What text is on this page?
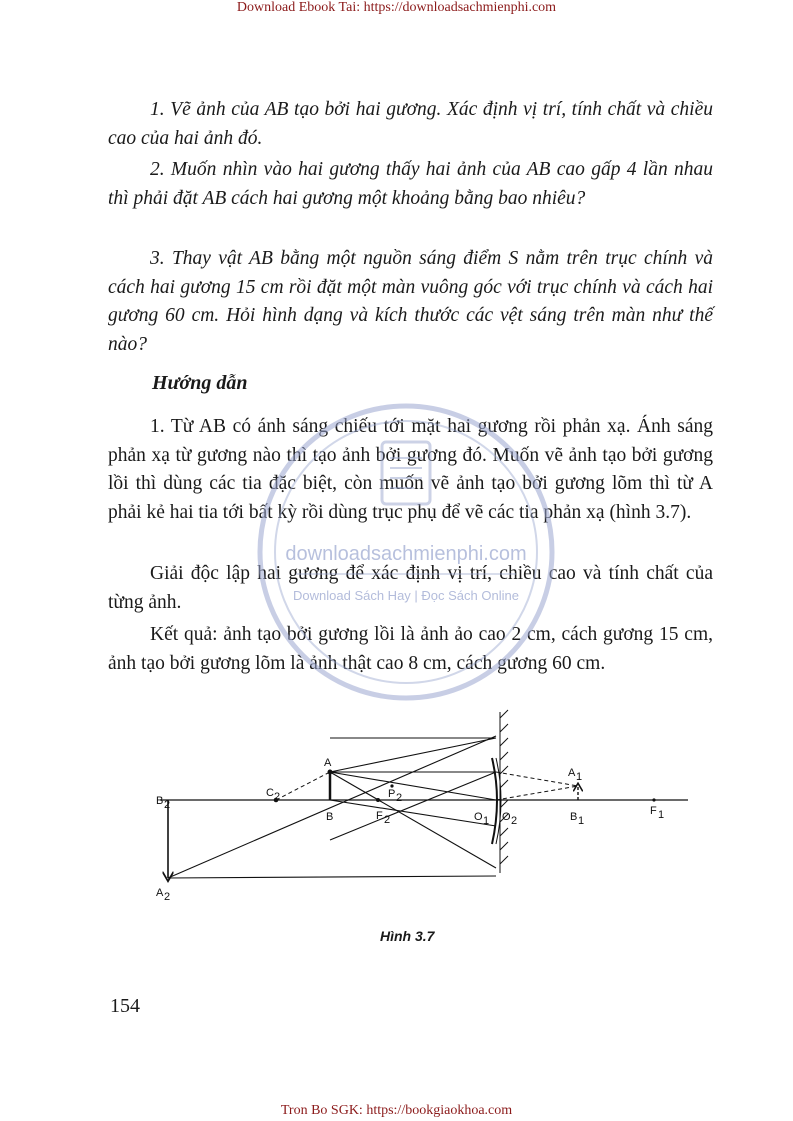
Download Ebook Tai: https://downloadsachmienphi.com

1. Vẽ ảnh của AB tạo bởi hai gương. Xác định vị trí, tính chất và chiều cao của hai ảnh đó.

2. Muốn nhìn vào hai gương thấy hai ảnh của AB cao gấp 4 lần nhau thì phải đặt AB cách hai gương một khoảng bằng bao nhiêu?

3. Thay vật AB bằng một nguồn sáng điểm S nằm trên trục chính và cách hai gương 15 cm rồi đặt một màn vuông góc với trục chính và cách hai gương 60 cm. Hỏi hình dạng và kích thước các vệt sáng trên màn như thế nào?

Hướng dẫn

1. Từ AB có ánh sáng chiếu tới mặt hai gương rồi phản xạ. Ánh sáng phản xạ từ gương nào thì tạo ảnh bởi gương đó. Muốn vẽ ảnh tạo bởi gương lồi thì dùng các tia đặc biệt, còn muốn vẽ ảnh tạo bởi gương lõm thì từ A phải kẻ hai tia tới bất kỳ rồi dùng trục phụ để vẽ các tia phản xạ (hình 3.7).

Giải độc lập hai gương để xác định vị trí, chiều cao và tính chất của từng ảnh.

Kết quả: ảnh tạo bởi gương lồi là ảnh ảo cao 2 cm, cách gương 15 cm, ảnh tạo bởi gương lõm là ảnh thật cao 8 cm, cách gương 60 cm.

downloadsachmienphi.com
Download Sách Hay | Đọc Sách Online
A
B
B 2
A 2
C 2	P 2
F 2	O 1 O 2
A 1
B 1
F 1
Hình 3.7
154
Tron Bo SGK: https://bookgiaokhoa.com
